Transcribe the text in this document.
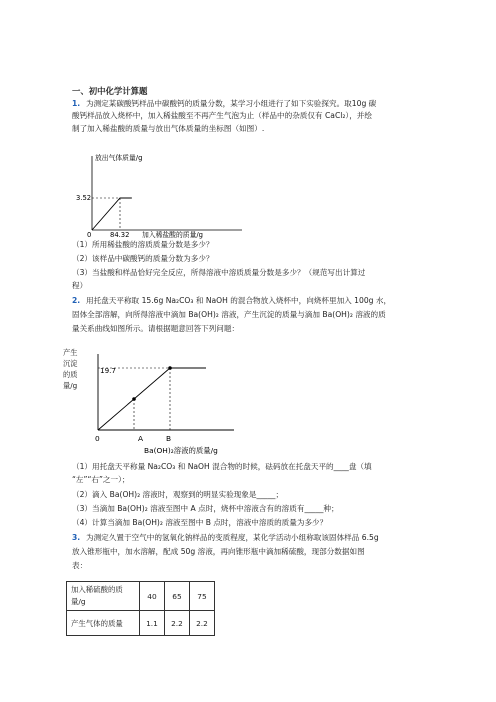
一、初中化学计算题
1. 为测定某碳酸钙样品中碳酸钙的质量分数，某学习小组进行了如下实验探究。取10g 碳
酸钙样品放入烧杯中，加入稀盐酸至不再产生气泡为止（样品中的杂质仅有 CaCl₂），并绘
制了加入稀盐酸的质量与放出气体质量的坐标图（如图）.
放出气体质量/g
3.52
0	84.32 加入稀盐酸的质量/g
（1）所用稀盐酸的溶质质量分数是多少？
（2）该样品中碳酸钙的质量分数为多少？
（3）当盐酸和样品恰好完全反应，所得溶液中溶质质量分数是多少？（规范写出计算过
程）
2. 用托盘天平称取 15.6g Na₂CO₃ 和 NaOH 的混合物放入烧杯中，向烧杯里加入 100g 水，
固体全部溶解，向所得溶液中滴加 Ba(OH)₂ 溶液，产生沉淀的质量与滴加 Ba(OH)₂ 溶液的质
量关系曲线如图所示。请根据题意回答下列问题：
19.7
0	A	B
Ba(OH)₂溶液的质量/g
产生沉淀的质量/g
（1）用托盘天平称量 Na₂CO₃ 和 NaOH 混合物的时候，砝码放在托盘天平的____盘（填
“左”“右”之一）；
（2）滴入 Ba(OH)₂ 溶液时，观察到的明显实验现象是_____；
（3）当滴加 Ba(OH)₂ 溶液至图中 A 点时，烧杯中溶液含有的溶质有_____种；
（4）计算当滴加 Ba(OH)₂ 溶液至图中 B 点时，溶液中溶质的质量为多少？
3. 为测定久置于空气中的氢氧化钠样品的变质程度，某化学活动小组称取该固体样品 6.5g
放入锥形瓶中，加水溶解，配成 50g 溶液，再向锥形瓶中滴加稀硫酸，现部分数据如图
表：
加入稀硫酸的质量/g	40	65	75
产生气体的质量	1.1	2.2	2.2
